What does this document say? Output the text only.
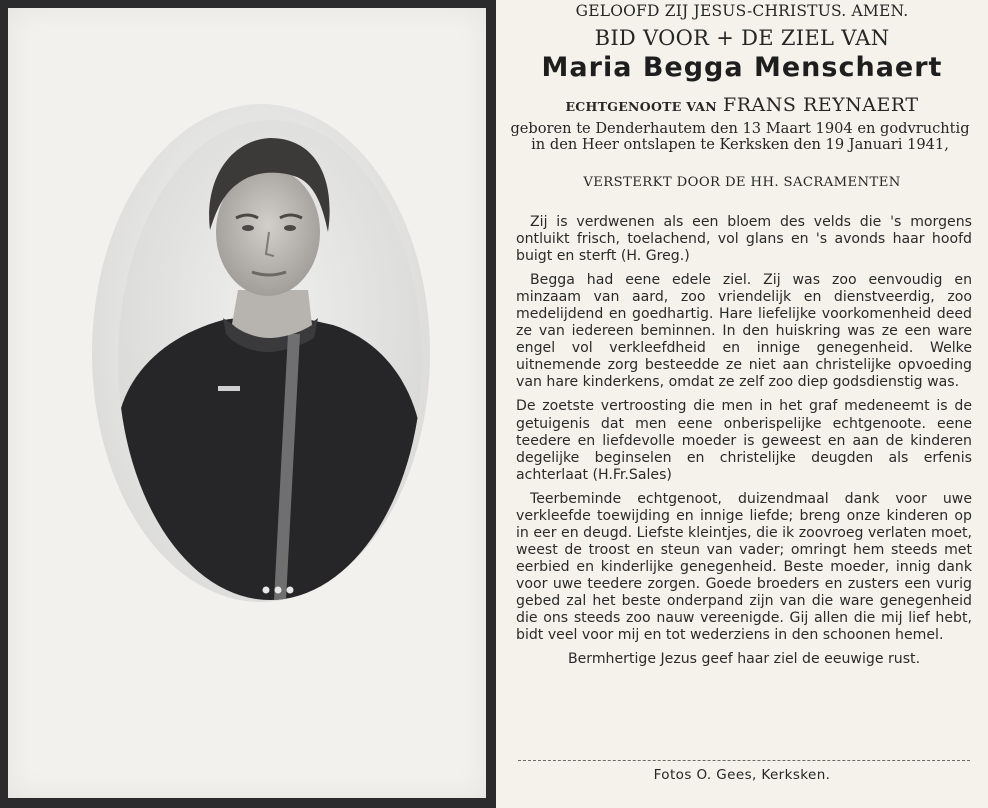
GELOOFD ZIJ JESUS-CHRISTUS. AMEN.
BID VOOR + DE ZIEL VAN
Maria Begga Menschaert
ECHTGENOOTE VAN FRANS REYNAERT
geboren te Denderhautem den 13 Maart 1904 en godvruchtig in den Heer ontslapen te Kerksken den 19 Januari 1941,
VERSTERKT DOOR DE HH. SACRAMENTEN

Zij is verdwenen als een bloem des velds die 's morgens ontluikt frisch, toelachend, vol glans en 's avonds haar hoofd buigt en sterft (H. Greg.)

Begga had eene edele ziel. Zij was zoo eenvoudig en minzaam van aard, zoo vriendelijk en dienstveerdig, zoo medelijdend en goedhartig. Hare liefelijke voorkomenheid deed ze van iedereen beminnen. In den huiskring was ze een ware engel vol verkleefdheid en innige genegenheid. Welke uitnemende zorg besteedde ze niet aan christelijke opvoeding van hare kinderkens, omdat ze zelf zoo diep godsdienstig was.

De zoetste vertroosting die men in het graf medeneemt is de getuigenis dat men eene onberispelijke echtgenoote. eene teedere en liefdevolle moeder is geweest en aan de kinderen degelijke beginselen en christelijke deugden als erfenis achterlaat (H.Fr.Sales)

Teerbeminde echtgenoot, duizendmaal dank voor uwe verkleefde toewijding en innige liefde; breng onze kinderen op in eer en deugd. Liefste kleintjes, die ik zoovroeg verlaten moet, weest de troost en steun van vader; omringt hem steeds met eerbied en kinderlijke genegenheid. Beste moeder, innig dank voor uwe teedere zorgen. Goede broeders en zusters een vurig gebed zal het beste onderpand zijn van die ware genegenheid die ons steeds zoo nauw vereenigde. Gij allen die mij lief hebt, bidt veel voor mij en tot wederziens in den schoonen hemel.

Bermhertige Jezus geef haar ziel de eeuwige rust.
Fotos O. Gees, Kerksken.
